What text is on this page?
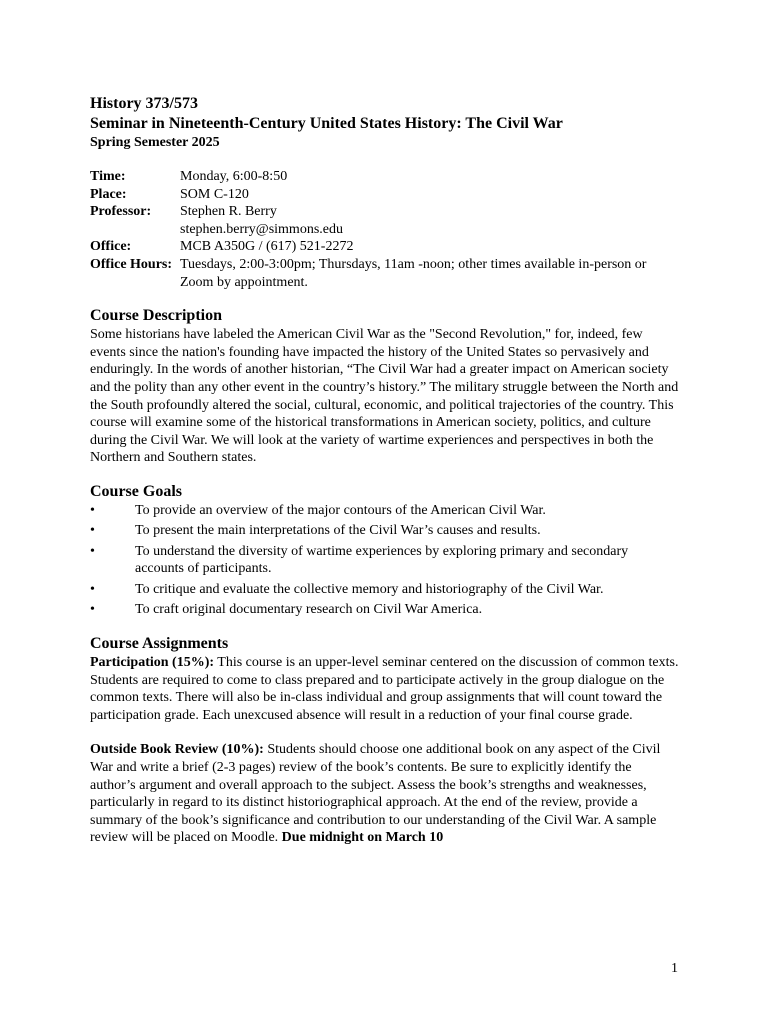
History 373/573
Seminar in Nineteenth-Century United States History: The Civil War
Spring Semester 2025
Time:	Monday, 6:00-8:50
Place:	SOM C-120
Professor:	Stephen R. Berry
stephen.berry@simmons.edu
Office:	MCB A350G / (617) 521-2272
Office Hours: Tuesdays, 2:00-3:00pm; Thursdays, 11am -noon; other times available in-person or Zoom by appointment.
Course Description

Some historians have labeled the American Civil War as the "Second Revolution," for, indeed, few events since the nation's founding have impacted the history of the United States so pervasively and enduringly. In the words of another historian, “The Civil War had a greater impact on American society and the polity than any other event in the country’s history.” The military struggle between the North and the South profoundly altered the social, cultural, economic, and political trajectories of the country. This course will examine some of the historical transformations in American society, politics, and culture during the Civil War. We will look at the variety of wartime experiences and perspectives in both the Northern and Southern states.

Course Goals
•	To provide an overview of the major contours of the American Civil War.
•	To present the main interpretations of the Civil War’s causes and results.
•	To understand the diversity of wartime experiences by exploring primary and secondary accounts of participants.
•	To critique and evaluate the collective memory and historiography of the Civil War.
•	To craft original documentary research on Civil War America.
Course Assignments

Participation (15%): This course is an upper-level seminar centered on the discussion of common texts. Students are required to come to class prepared and to participate actively in the group dialogue on the common texts. There will also be in-class individual and group assignments that will count toward the participation grade. Each unexcused absence will result in a reduction of your final course grade.

Outside Book Review (10%): Students should choose one additional book on any aspect of the Civil War and write a brief (2-3 pages) review of the book’s contents. Be sure to explicitly identify the author’s argument and overall approach to the subject. Assess the book’s strengths and weaknesses, particularly in regard to its distinct historiographical approach. At the end of the review, provide a summary of the book’s significance and contribution to our understanding of the Civil War. A sample review will be placed on Moodle. Due midnight on March 10

1
